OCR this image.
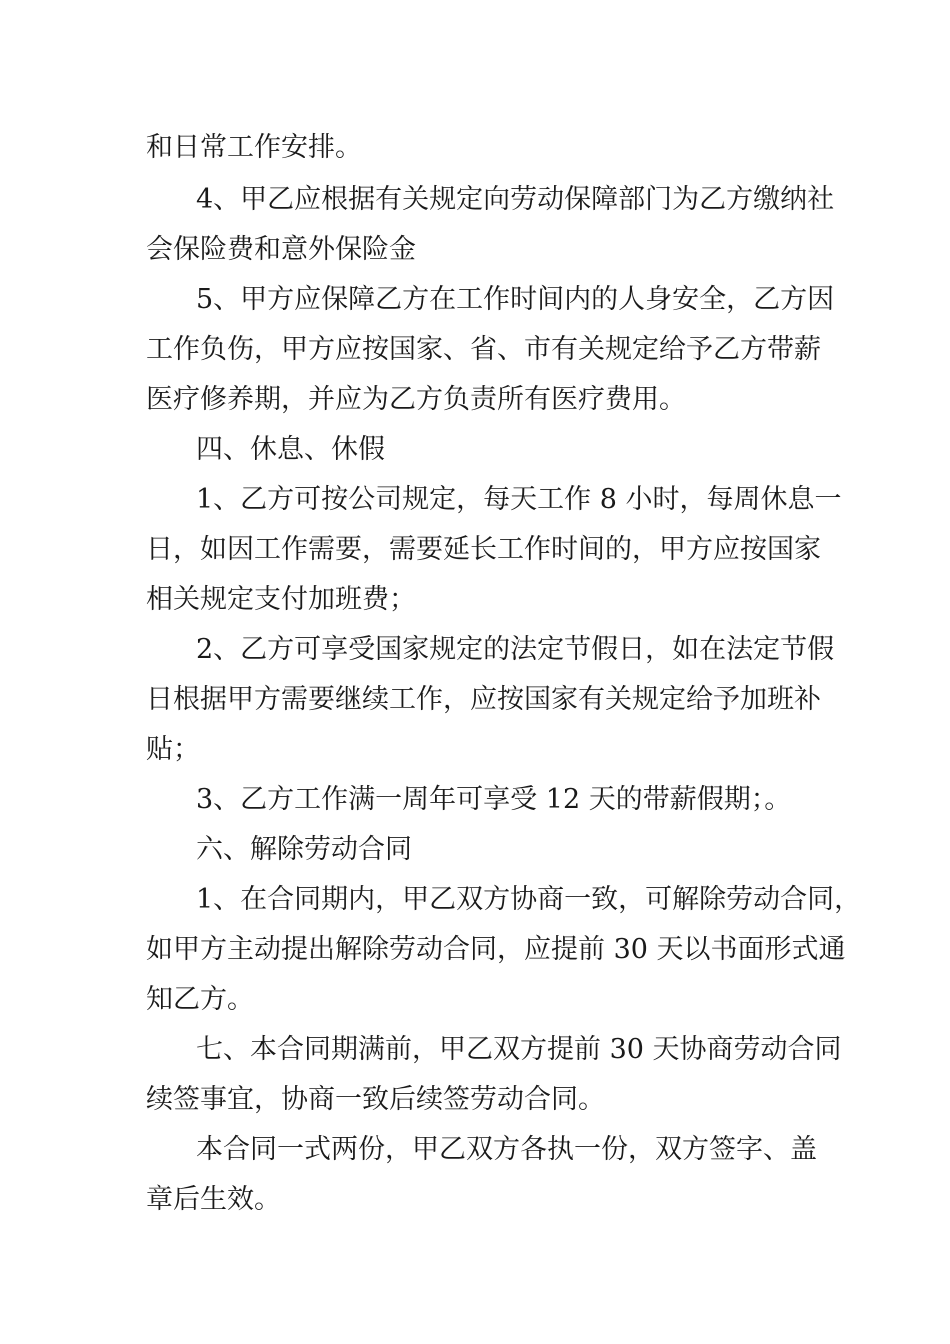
和日常工作安排。
4、甲乙应根据有关规定向劳动保障部门为乙方缴纳社
会保险费和意外保险金
5、甲方应保障乙方在工作时间内的人身安全，乙方因
工作负伤，甲方应按国家、省、市有关规定给予乙方带薪
医疗修养期，并应为乙方负责所有医疗费用。
四、休息、休假
1、乙方可按公司规定，每天工作 8 小时，每周休息一
日，如因工作需要，需要延长工作时间的，甲方应按国家
相关规定支付加班费；
2、乙方可享受国家规定的法定节假日，如在法定节假
日根据甲方需要继续工作，应按国家有关规定给予加班补
贴；
3、乙方工作满一周年可享受 12 天的带薪假期；。
六、解除劳动合同
1、在合同期内，甲乙双方协商一致，可解除劳动合同，
如甲方主动提出解除劳动合同，应提前 30 天以书面形式通
知乙方。
七、本合同期满前，甲乙双方提前 30 天协商劳动合同
续签事宜，协商一致后续签劳动合同。
本合同一式两份，甲乙双方各执一份，双方签字、盖
章后生效。
